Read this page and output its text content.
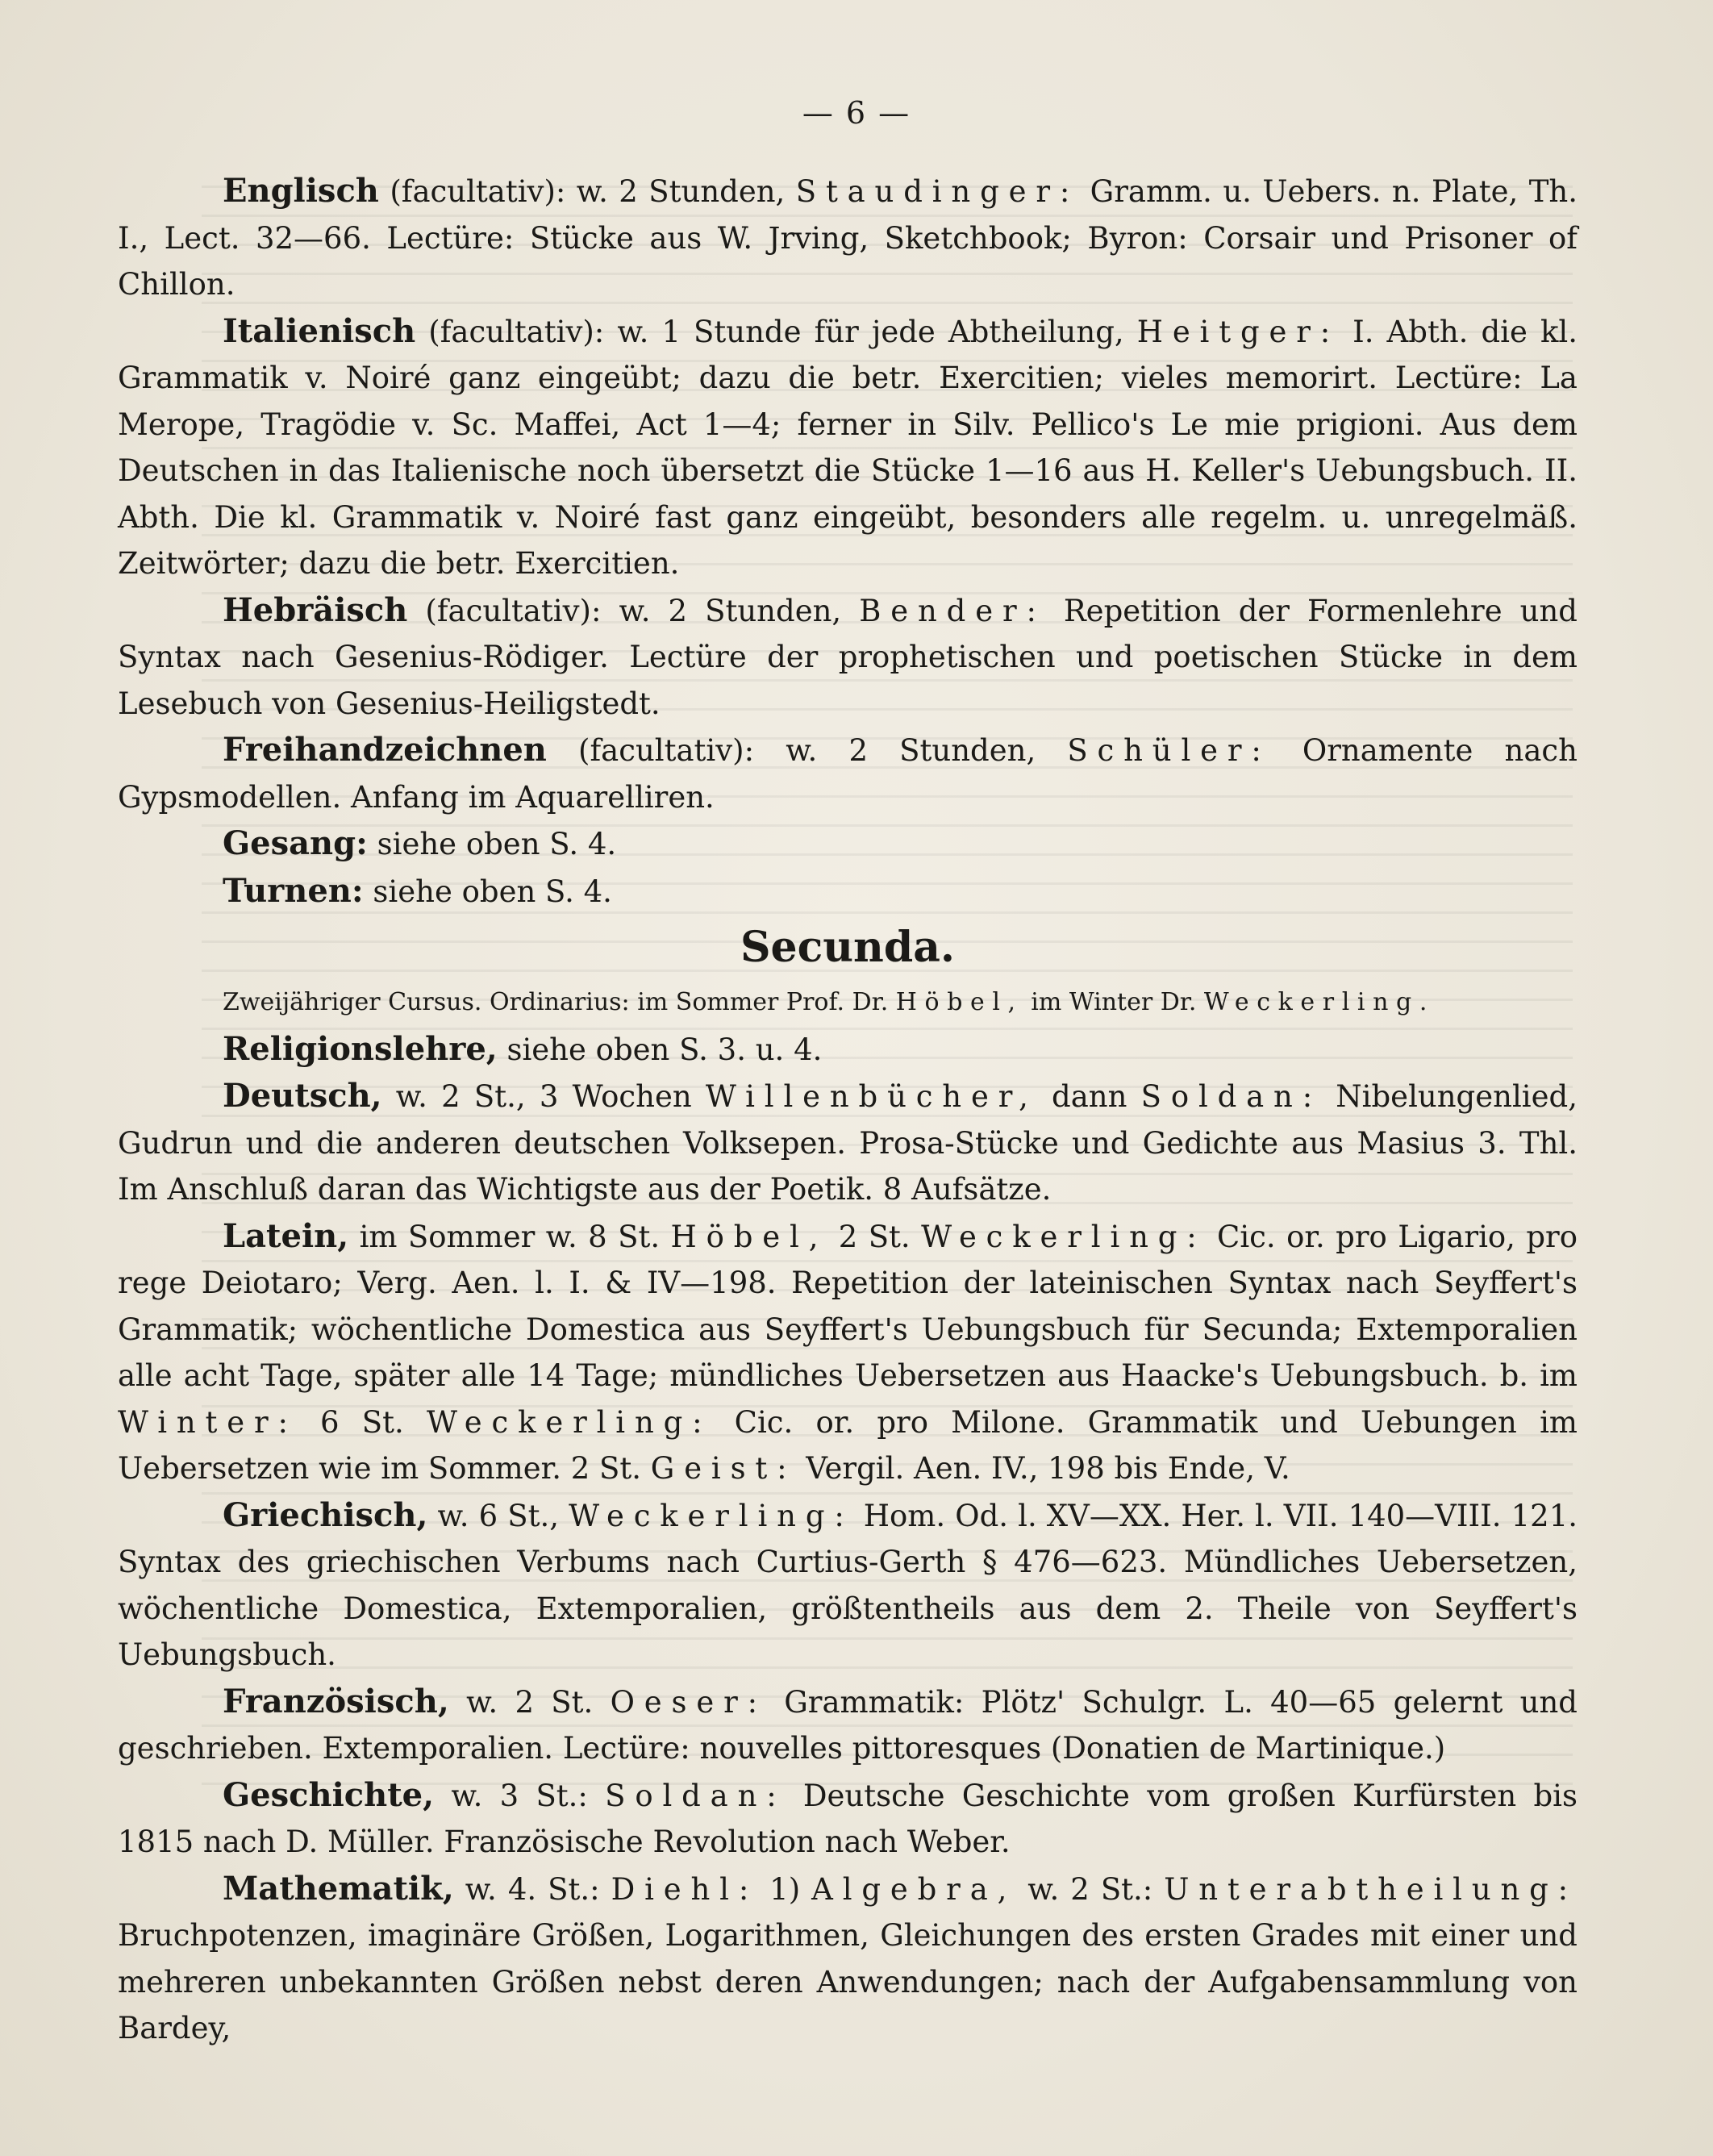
— 6 —

Englisch (facultativ): w. 2 Stunden, Staudinger: Gramm. u. Uebers. n. Plate, Th. I., Lect. 32—66. Lectüre: Stücke aus W. Jrving, Sketchbook; Byron: Corsair und Prisoner of Chillon.

Italienisch (facultativ): w. 1 Stunde für jede Abtheilung, Heitger: I. Abth. die kl. Grammatik v. Noiré ganz eingeübt; dazu die betr. Exercitien; vieles memorirt. Lectüre: La Merope, Tragödie v. Sc. Maffei, Act 1—4; ferner in Silv. Pellico's Le mie prigioni. Aus dem Deutschen in das Italienische noch übersetzt die Stücke 1—16 aus H. Keller's Uebungsbuch. II. Abth. Die kl. Grammatik v. Noiré fast ganz eingeübt, besonders alle regelm. u. unregelmäß. Zeitwörter; dazu die betr. Exercitien.

Hebräisch (facultativ): w. 2 Stunden, Bender: Repetition der Formenlehre und Syntax nach Gesenius-Rödiger. Lectüre der prophetischen und poetischen Stücke in dem Lesebuch von Gesenius-Heiligstedt.

Freihandzeichnen (facultativ): w. 2 Stunden, Schüler: Ornamente nach Gypsmodellen. Anfang im Aquarelliren.

Gesang: siehe oben S. 4.

Turnen: siehe oben S. 4.

Secunda.

Zweijähriger Cursus. Ordinarius: im Sommer Prof. Dr. Höbel, im Winter Dr. Weckerling.

Religionslehre, siehe oben S. 3. u. 4.

Deutsch, w. 2 St., 3 Wochen Willenbücher, dann Soldan: Nibelungenlied, Gudrun und die anderen deutschen Volksepen. Prosa-Stücke und Gedichte aus Masius 3. Thl. Im Anschluß daran das Wichtigste aus der Poetik. 8 Aufsätze.

Latein, im Sommer w. 8 St. Höbel, 2 St. Weckerling: Cic. or. pro Ligario, pro rege Deiotaro; Verg. Aen. l. I. & IV—198. Repetition der lateinischen Syntax nach Seyffert's Grammatik; wöchentliche Domestica aus Seyffert's Uebungsbuch für Secunda; Extemporalien alle acht Tage, später alle 14 Tage; mündliches Uebersetzen aus Haacke's Uebungsbuch. b. im Winter: 6 St. Weckerling: Cic. or. pro Milone. Grammatik und Uebungen im Uebersetzen wie im Sommer. 2 St. Geist: Vergil. Aen. IV., 198 bis Ende, V.

Griechisch, w. 6 St., Weckerling: Hom. Od. l. XV—XX. Her. l. VII. 140—VIII. 121. Syntax des griechischen Verbums nach Curtius-Gerth § 476—623. Mündliches Uebersetzen, wöchentliche Domestica, Extemporalien, größtentheils aus dem 2. Theile von Seyffert's Uebungsbuch.

Französisch, w. 2 St. Oeser: Grammatik: Plötz' Schulgr. L. 40—65 gelernt und geschrieben. Extemporalien. Lectüre: nouvelles pittoresques (Donatien de Martinique.)

Geschichte, w. 3 St.: Soldan: Deutsche Geschichte vom großen Kurfürsten bis 1815 nach D. Müller. Französische Revolution nach Weber.

Mathematik, w. 4. St.: Diehl: 1) Algebra, w. 2 St.: Unterabtheilung: Bruchpotenzen, imaginäre Größen, Logarithmen, Gleichungen des ersten Grades mit einer und mehreren unbekannten Größen nebst deren Anwendungen; nach der Aufgabensammlung von Bardey,
